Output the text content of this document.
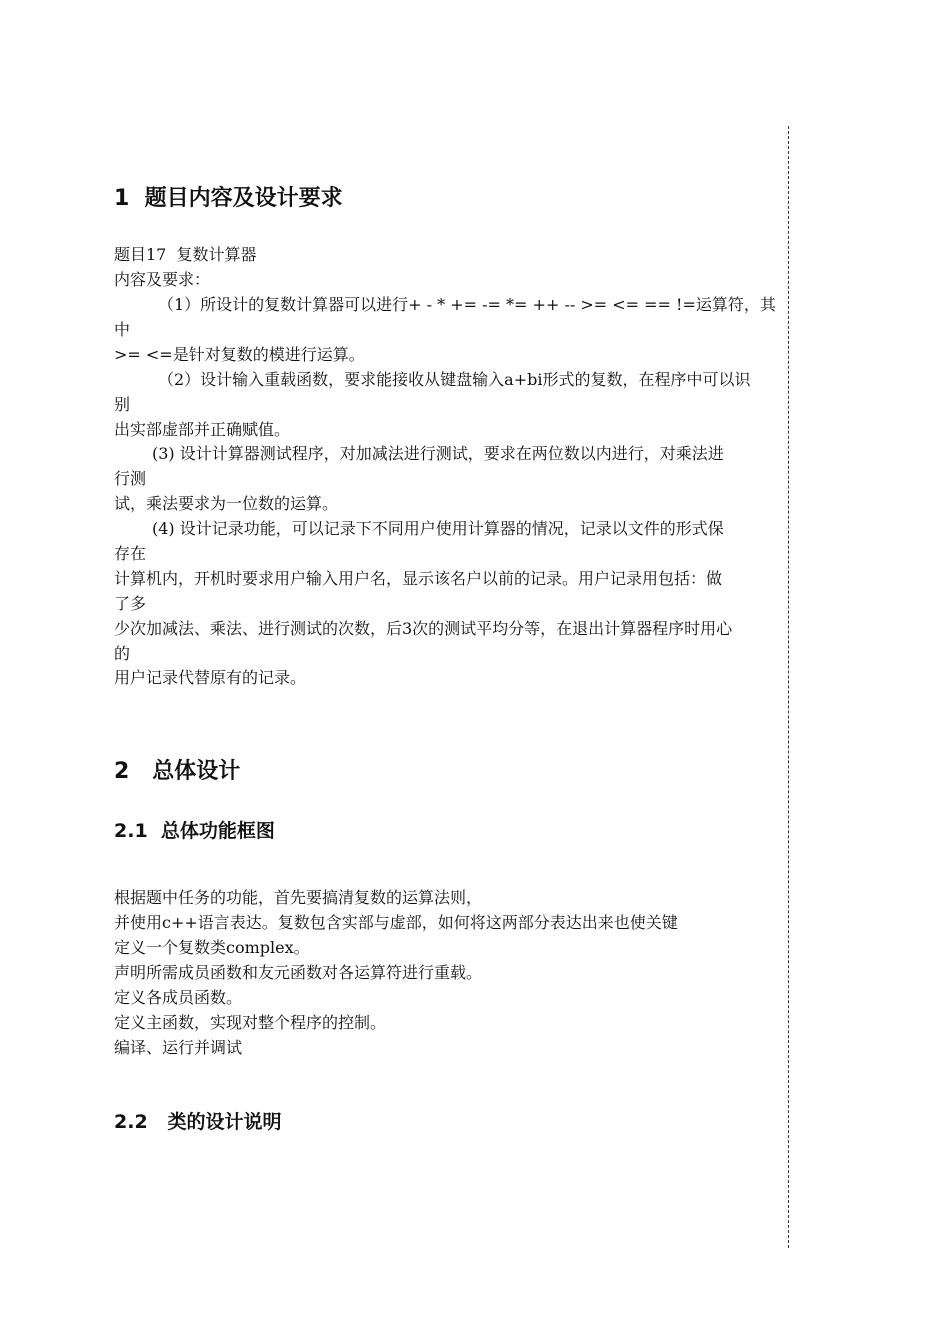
1  题目内容及设计要求
题目17  复数计算器
内容及要求：
（1）所设计的复数计算器可以进行+ - * += -= *= ++ -- >= <= == !=运算符，其
中
>= <=是针对复数的模进行运算。
（2）设计输入重载函数，要求能接收从键盘输入a+bi形式的复数，在程序中可以识
别
出实部虚部并正确赋值。
(3) 设计计算器测试程序，对加减法进行测试，要求在两位数以内进行，对乘法进
行测
试，乘法要求为一位数的运算。
(4) 设计记录功能，可以记录下不同用户使用计算器的情况，记录以文件的形式保
存在
计算机内，开机时要求用户输入用户名，显示该名户以前的记录。用户记录用包括：做
了多
少次加减法、乘法、进行测试的次数，后3次的测试平均分等，在退出计算器程序时用心
的
用户记录代替原有的记录。
2   总体设计
2.1  总体功能框图
根据题中任务的功能，首先要搞清复数的运算法则，
并使用c++语言表达。复数包含实部与虚部，如何将这两部分表达出来也使关键
定义一个复数类complex。
声明所需成员函数和友元函数对各运算符进行重载。
定义各成员函数。
定义主函数，实现对整个程序的控制。
编译、运行并调试
2.2   类的设计说明
